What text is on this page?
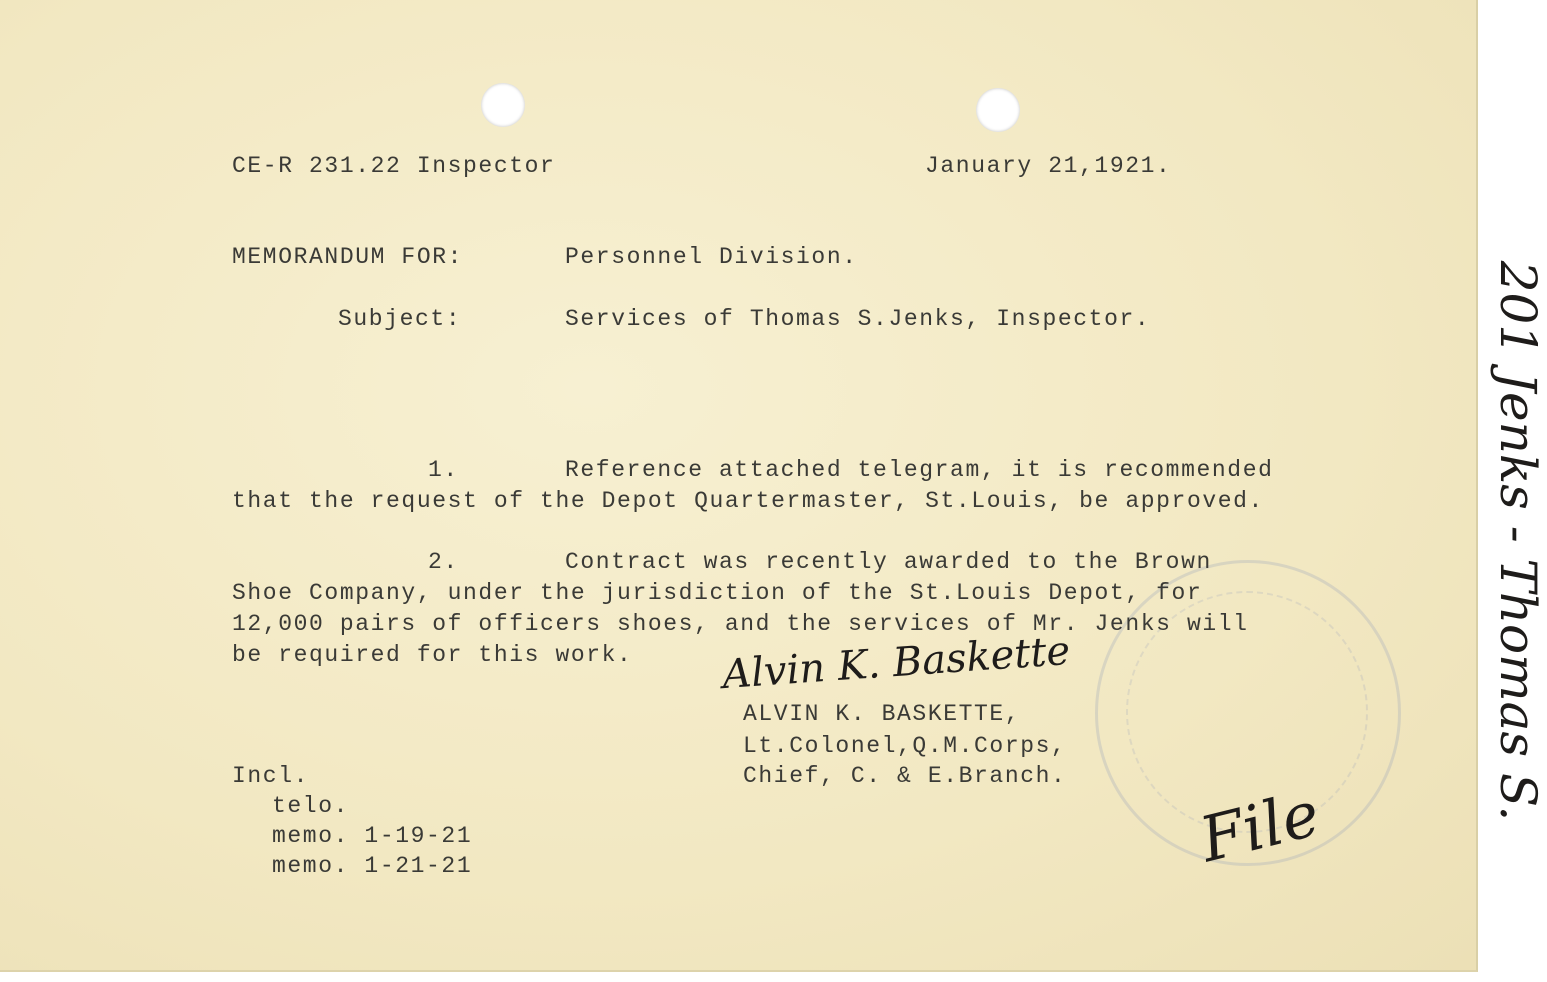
CE-R 231.22 Inspector	January 21,1921.
MEMORANDUM FOR:	Personnel Division.
Subject:	Services of Thomas S.Jenks, Inspector.
1.	Reference attached telegram, it is recommended
that the request of the Depot Quartermaster, St.Louis, be approved.
2.	Contract was recently awarded to the Brown
Shoe Company, under the jurisdiction of the St.Louis Depot, for
12,000 pairs of officers shoes, and the services of Mr. Jenks will
be required for this work. Alvin K. Baskette
ALVIN K. BASKETTE,
Lt.Colonel,Q.M.Corps,
Chief, C. & E.Branch.
Incl.
telo.
memo. 1-19-21
memo. 1-21-21
201 Jenks - Thomas S.
File
